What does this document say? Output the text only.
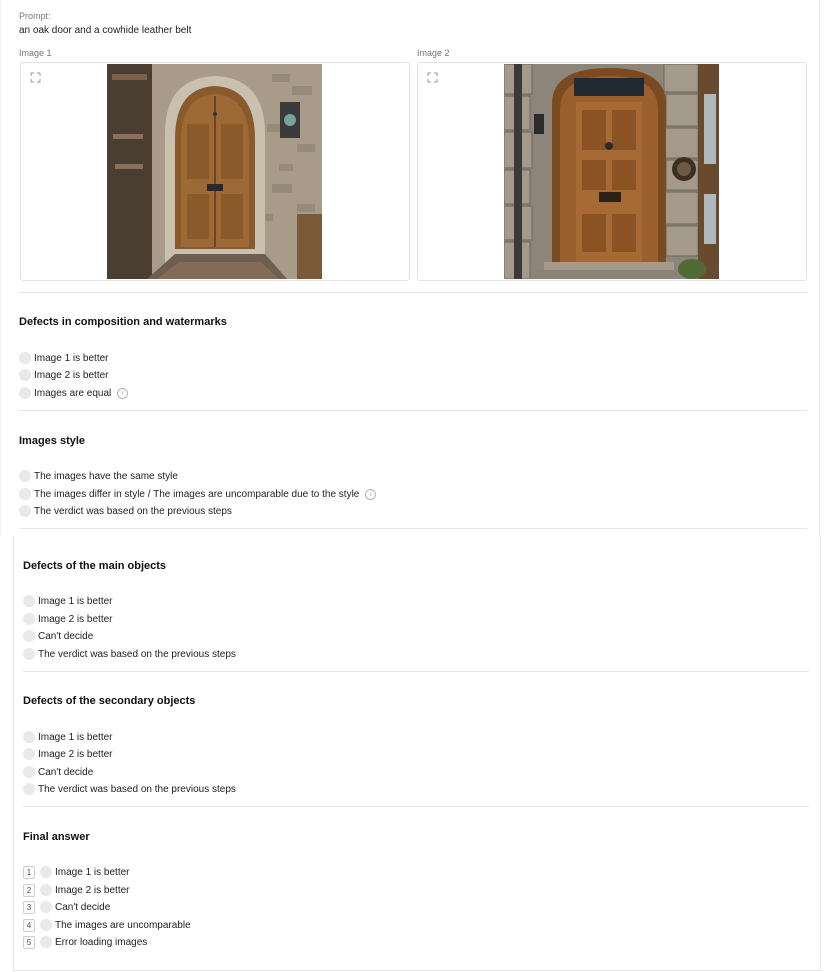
Prompt:
an oak door and a cowhide leather belt
Image 1	Image 2
Defects in composition and watermarks
Image 1 is better
Image 2 is better
Images are equal	i
Images style
The images have the same style
The images differ in style / The images are uncomparable due to the style	i
The verdict was based on the previous steps
Defects of the main objects
Image 1 is better
Image 2 is better
Can't decide
The verdict was based on the previous steps
Defects of the secondary objects
Image 1 is better
Image 2 is better
Can't decide
The verdict was based on the previous steps
Final answer
1	Image 1 is better
2	Image 2 is better
3	Can't decide
4	The images are uncomparable
5	Error loading images
